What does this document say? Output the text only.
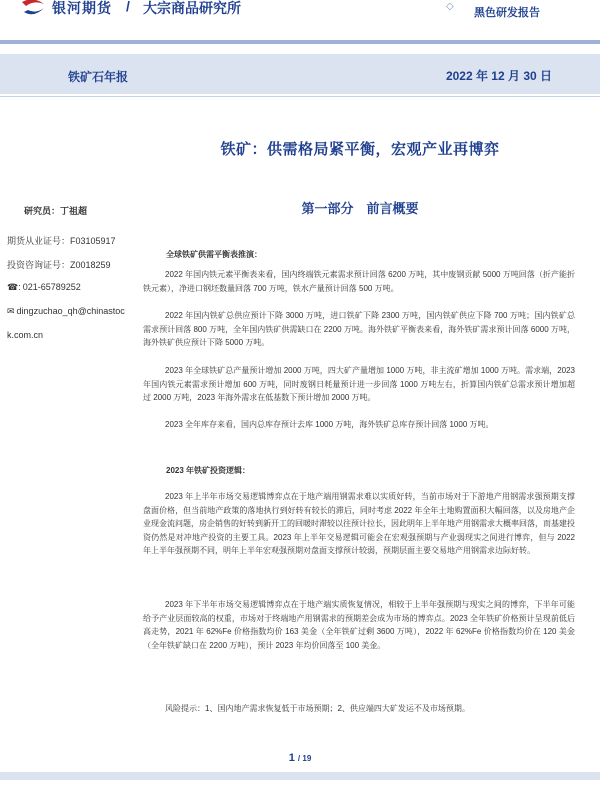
银河期货 / 大宗商品研究所	◇
黑色研发报告
铁矿石年报	2022 年 12 月 30 日
铁矿：供需格局紧平衡，宏观产业再博弈
第一部分　前言概要
研究员：丁祖超
期货从业证号：F03105917
投资咨询证号：Z0018259
☎: 021-65789252
✉ dingzuchao_qh@chinastoc
k.com.cn

全球铁矿供需平衡表推演：

2022 年国内铁元素平衡表来看，国内终端铁元素需求预计回落 6200 万吨，其中废钢贡献 5000 万吨回落（折产能折铁元素），净进口钢坯数量回落 700 万吨，铁水产量预计回落 500 万吨。

2022 年国内铁矿总供应预计下降 3000 万吨，进口铁矿下降 2300 万吨，国内铁矿供应下降 700 万吨；国内铁矿总需求预计回落 800 万吨，全年国内铁矿供需缺口在 2200 万吨。海外铁矿平衡表来看，海外铁矿需求预计回落 6000 万吨，海外铁矿供应预计下降 5000 万吨。

2023 年全球铁矿总产量预计增加 2000 万吨，四大矿产量增加 1000 万吨，非主流矿增加 1000 万吨。需求端，2023 年国内铁元素需求预计增加 600 万吨，同时废钢日耗量预计进一步回落 1000 万吨左右，折算国内铁矿总需求预计增加超过 2000 万吨，2023 年海外需求在低基数下预计增加 2000 万吨。

2023 全年库存来看，国内总库存预计去库 1000 万吨，海外铁矿总库存预计回落 1000 万吨。

2023 年铁矿投资逻辑：

2023 年上半年市场交易逻辑博弈点在于地产端用钢需求难以实质好转，当前市场对于下游地产用钢需求强预期支撑盘面价格，但当前地产政策的落地执行到好转有较长的滞后，同时考虑 2022 年全年土地购置面积大幅回落，以及房地产企业现金流问题，房企销售的好转到新开工的回暖时滞较以往预计拉长，因此明年上半年地产用钢需求大概率回落，而基建投资仍然是对冲地产投资的主要工具。2023 年上半年交易逻辑可能会在宏观强预期与产业弱现实之间进行博弈，但与 2022 年上半年强预期不同，明年上半年宏观强预期对盘面支撑预计较弱，预期层面主要交易地产用钢需求边际好转。

2023 年下半年市场交易逻辑博弈点在于地产端实质恢复情况，相较于上半年强预期与现实之间的博弈，下半年可能给予产业层面较高的权重，市场对于终端地产用钢需求的预期差会成为市场的博弈点。2023 全年铁矿价格预计呈现前低后高走势，2021 年 62%Fe 价格指数均价 163 美金（全年铁矿过剩 3600 万吨），2022 年 62%Fe 价格指数均价在 120 美金（全年铁矿缺口在 2200 万吨），预计 2023 年均价回落至 100 美金。

风险提示：1、国内地产需求恢复低于市场预期；2、供应端四大矿发运不及市场预期。

1 / 19
